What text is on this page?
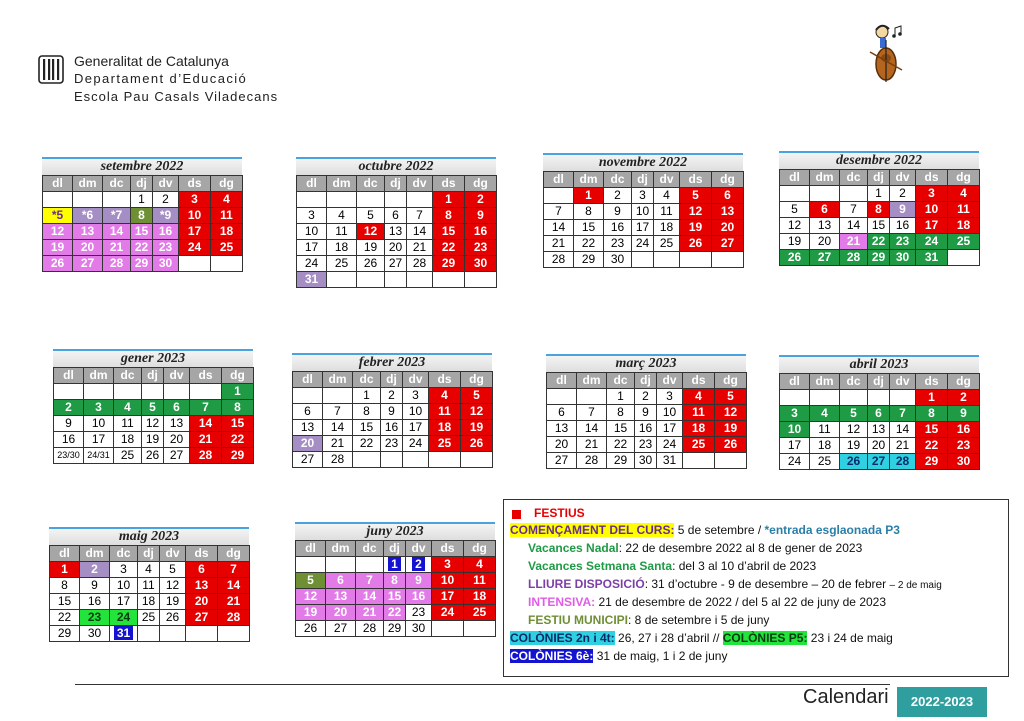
Generalitat de Catalunya
Departament d’Educació
Escola Pau Casals Viladecans
setembre 2022
dl	dm	dc	dj	dv	ds	dg
			1	2	3	4
*5	*6	*7	8	*9	10	11
12	13	14	15	16	17	18
19	20	21	22	23	24	25
26	27	28	29	30		
octubre 2022
dl	dm	dc	dj	dv	ds	dg
					1	2
3	4	5	6	7	8	9
10	11	12	13	14	15	16
17	18	19	20	21	22	23
24	25	26	27	28	29	30
31						
novembre 2022
dl	dm	dc	dj	dv	ds	dg
	1	2	3	4	5	6
7	8	9	10	11	12	13
14	15	16	17	18	19	20
21	22	23	24	25	26	27
28	29	30				
desembre 2022
dl	dm	dc	dj	dv	ds	dg
			1	2	3	4
5	6	7	8	9	10	11
12	13	14	15	16	17	18
19	20	21	22	23	24	25
26	27	28	29	30	31	
gener 2023
dl	dm	dc	dj	dv	ds	dg
						1
2	3	4	5	6	7	8
9	10	11	12	13	14	15
16	17	18	19	20	21	22
23/30	24/31	25	26	27	28	29
febrer 2023
dl	dm	dc	dj	dv	ds	dg
		1	2	3	4	5
6	7	8	9	10	11	12
13	14	15	16	17	18	19
20	21	22	23	24	25	26
27	28					
març 2023
dl	dm	dc	dj	dv	ds	dg
		1	2	3	4	5
6	7	8	9	10	11	12
13	14	15	16	17	18	19
20	21	22	23	24	25	26
27	28	29	30	31		
abril 2023
dl	dm	dc	dj	dv	ds	dg
					1	2
3	4	5	6	7	8	9
10	11	12	13	14	15	16
17	18	19	20	21	22	23
24	25	26	27	28	29	30
maig 2023
dl	dm	dc	dj	dv	ds	dg
1	2	3	4	5	6	7
8	9	10	11	12	13	14
15	16	17	18	19	20	21
22	23	24	25	26	27	28
29	30	31				
juny 2023
dl	dm	dc	dj	dv	ds	dg
			1	2	3	4
5	6	7	8	9	10	11
12	13	14	15	16	17	18
19	20	21	22	23	24	25
26	27	28	29	30		
FESTIUS
COMENÇAMENT DEL CURS: 5 de setembre / *entrada esglaonada P3
Vacances Nadal: 22 de desembre 2022 al 8 de gener de 2023
Vacances Setmana Santa: del 3 al 10 d’abril de 2023
LLIURE DISPOSICIÓ: 31 d’octubre - 9 de desembre – 20 de febrer – 2 de maig
INTENSIVA: 21 de desembre de 2022 / del 5 al 22 de juny de 2023
FESTIU MUNICIPI: 8 de setembre i 5 de juny
COLÒNIES 2n i 4t: 26, 27 i 28 d’abril // COLÒNIES P5: 23 i 24 de maig
COLÒNIES 6è: 31 de maig, 1 i 2 de juny
Calendari	2022-2023
